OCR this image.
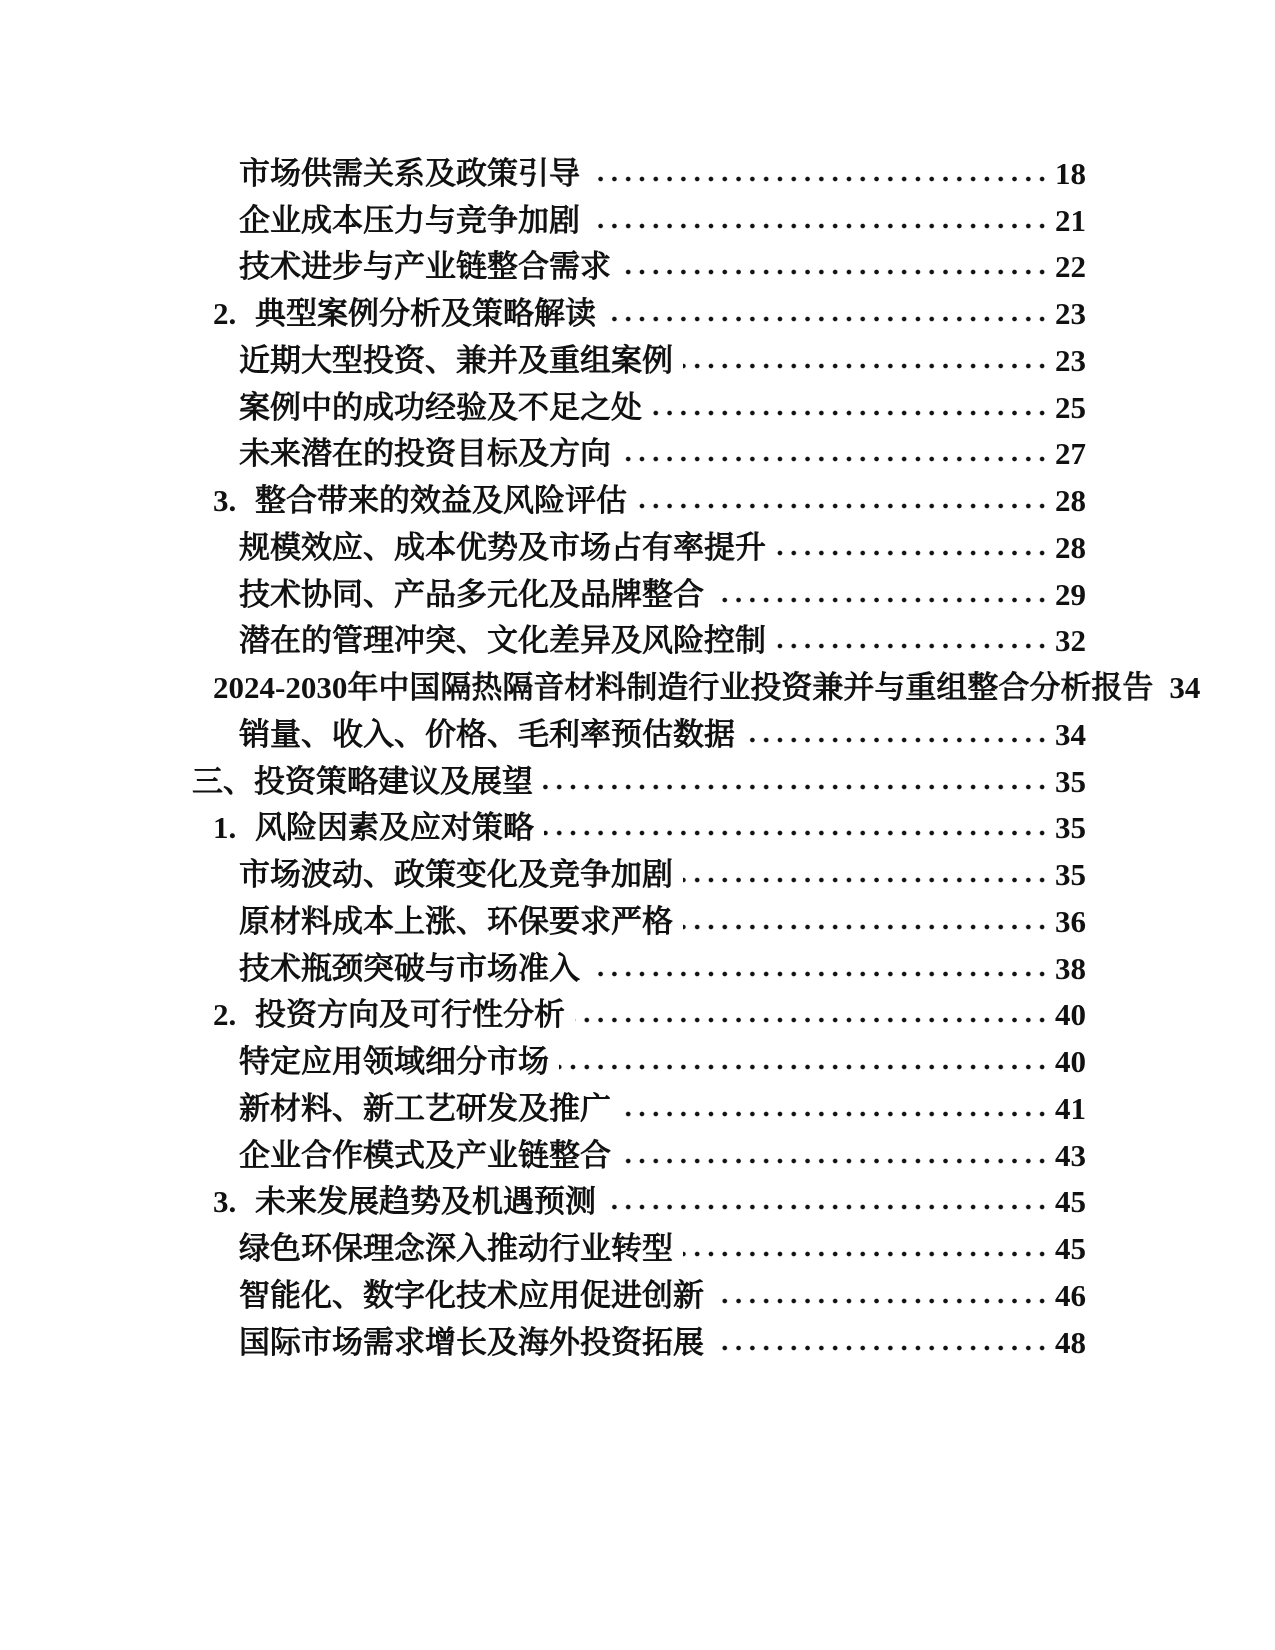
市场供需关系及政策引导	18
企业成本压力与竞争加剧	21
技术进步与产业链整合需求	22
2. 典型案例分析及策略解读	23
近期大型投资、兼并及重组案例	23
案例中的成功经验及不足之处	25
未来潜在的投资目标及方向	27
3. 整合带来的效益及风险评估	28
规模效应、成本优势及市场占有率提升	28
技术协同、产品多元化及品牌整合	29
潜在的管理冲突、文化差异及风险控制	32
2024-2030年中国隔热隔音材料制造行业投资兼并与重组整合分析报告 34
销量、收入、价格、毛利率预估数据	34
三、投资策略建议及展望	35
1. 风险因素及应对策略	35
市场波动、政策变化及竞争加剧	35
原材料成本上涨、环保要求严格	36
技术瓶颈突破与市场准入	38
2. 投资方向及可行性分析	40
特定应用领域细分市场	40
新材料、新工艺研发及推广	41
企业合作模式及产业链整合	43
3. 未来发展趋势及机遇预测	45
绿色环保理念深入推动行业转型	45
智能化、数字化技术应用促进创新	46
国际市场需求增长及海外投资拓展	48
